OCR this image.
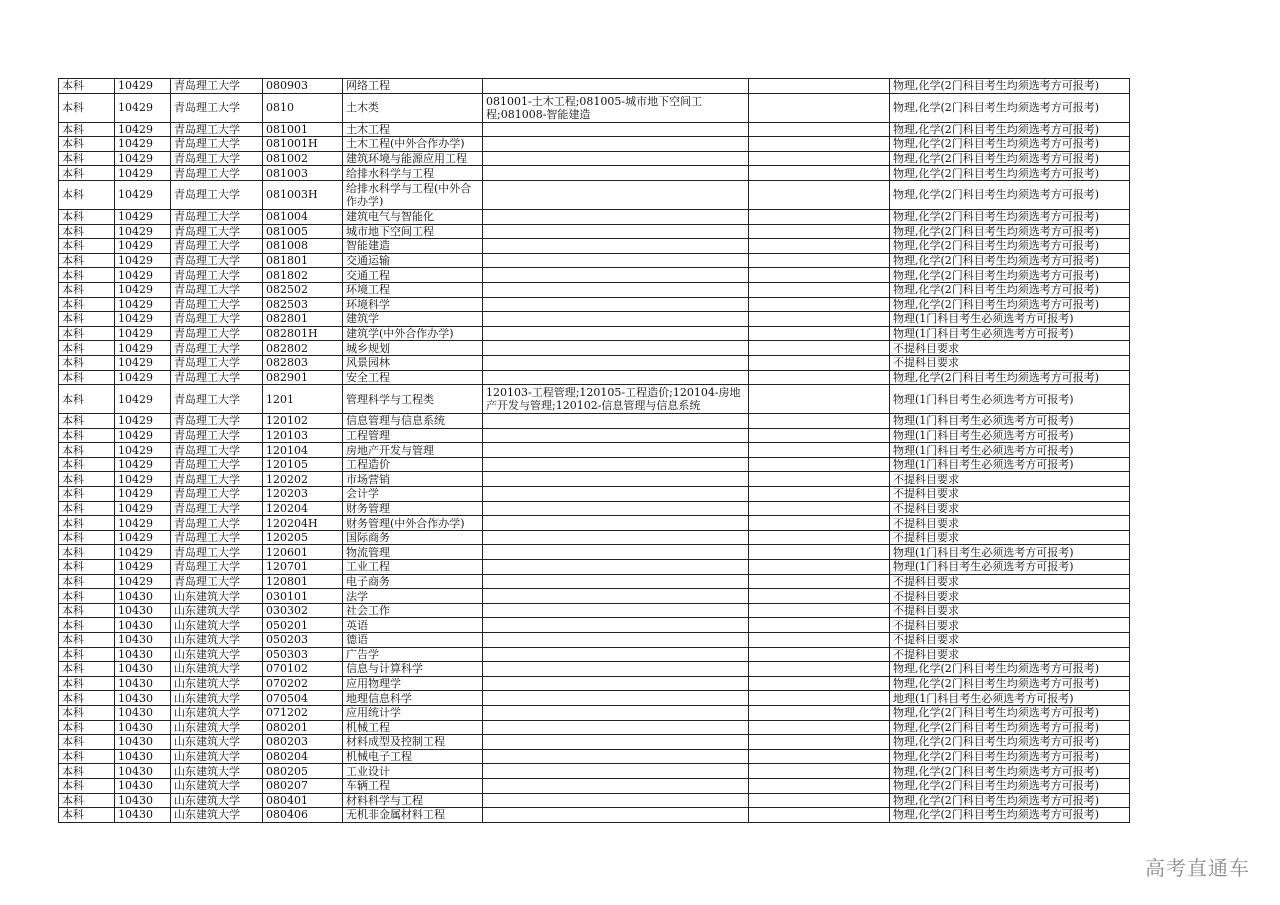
本科	10429	青岛理工大学	080903	网络工程			物理,化学(2门科目考生均须选考方可报考)
本科	10429	青岛理工大学	0810	土木类	081001-土木工程;081005-城市地下空间工程;081008-智能建造		物理,化学(2门科目考生均须选考方可报考)
本科	10429	青岛理工大学	081001	土木工程			物理,化学(2门科目考生均须选考方可报考)
本科	10429	青岛理工大学	081001H	土木工程(中外合作办学)			物理,化学(2门科目考生均须选考方可报考)
本科	10429	青岛理工大学	081002	建筑环境与能源应用工程			物理,化学(2门科目考生均须选考方可报考)
本科	10429	青岛理工大学	081003	给排水科学与工程			物理,化学(2门科目考生均须选考方可报考)
本科	10429	青岛理工大学	081003H	给排水科学与工程(中外合作办学)			物理,化学(2门科目考生均须选考方可报考)
本科	10429	青岛理工大学	081004	建筑电气与智能化			物理,化学(2门科目考生均须选考方可报考)
本科	10429	青岛理工大学	081005	城市地下空间工程			物理,化学(2门科目考生均须选考方可报考)
本科	10429	青岛理工大学	081008	智能建造			物理,化学(2门科目考生均须选考方可报考)
本科	10429	青岛理工大学	081801	交通运输			物理,化学(2门科目考生均须选考方可报考)
本科	10429	青岛理工大学	081802	交通工程			物理,化学(2门科目考生均须选考方可报考)
本科	10429	青岛理工大学	082502	环境工程			物理,化学(2门科目考生均须选考方可报考)
本科	10429	青岛理工大学	082503	环境科学			物理,化学(2门科目考生均须选考方可报考)
本科	10429	青岛理工大学	082801	建筑学			物理(1门科目考生必须选考方可报考)
本科	10429	青岛理工大学	082801H	建筑学(中外合作办学)			物理(1门科目考生必须选考方可报考)
本科	10429	青岛理工大学	082802	城乡规划			不提科目要求
本科	10429	青岛理工大学	082803	风景园林			不提科目要求
本科	10429	青岛理工大学	082901	安全工程			物理,化学(2门科目考生均须选考方可报考)
本科	10429	青岛理工大学	1201	管理科学与工程类	120103-工程管理;120105-工程造价;120104-房地产开发与管理;120102-信息管理与信息系统		物理(1门科目考生必须选考方可报考)
本科	10429	青岛理工大学	120102	信息管理与信息系统			物理(1门科目考生必须选考方可报考)
本科	10429	青岛理工大学	120103	工程管理			物理(1门科目考生必须选考方可报考)
本科	10429	青岛理工大学	120104	房地产开发与管理			物理(1门科目考生必须选考方可报考)
本科	10429	青岛理工大学	120105	工程造价			物理(1门科目考生必须选考方可报考)
本科	10429	青岛理工大学	120202	市场营销			不提科目要求
本科	10429	青岛理工大学	120203	会计学			不提科目要求
本科	10429	青岛理工大学	120204	财务管理			不提科目要求
本科	10429	青岛理工大学	120204H	财务管理(中外合作办学)			不提科目要求
本科	10429	青岛理工大学	120205	国际商务			不提科目要求
本科	10429	青岛理工大学	120601	物流管理			物理(1门科目考生必须选考方可报考)
本科	10429	青岛理工大学	120701	工业工程			物理(1门科目考生必须选考方可报考)
本科	10429	青岛理工大学	120801	电子商务			不提科目要求
本科	10430	山东建筑大学	030101	法学			不提科目要求
本科	10430	山东建筑大学	030302	社会工作			不提科目要求
本科	10430	山东建筑大学	050201	英语			不提科目要求
本科	10430	山东建筑大学	050203	德语			不提科目要求
本科	10430	山东建筑大学	050303	广告学			不提科目要求
本科	10430	山东建筑大学	070102	信息与计算科学			物理,化学(2门科目考生均须选考方可报考)
本科	10430	山东建筑大学	070202	应用物理学			物理,化学(2门科目考生均须选考方可报考)
本科	10430	山东建筑大学	070504	地理信息科学			地理(1门科目考生必须选考方可报考)
本科	10430	山东建筑大学	071202	应用统计学			物理,化学(2门科目考生均须选考方可报考)
本科	10430	山东建筑大学	080201	机械工程			物理,化学(2门科目考生均须选考方可报考)
本科	10430	山东建筑大学	080203	材料成型及控制工程			物理,化学(2门科目考生均须选考方可报考)
本科	10430	山东建筑大学	080204	机械电子工程			物理,化学(2门科目考生均须选考方可报考)
本科	10430	山东建筑大学	080205	工业设计			物理,化学(2门科目考生均须选考方可报考)
本科	10430	山东建筑大学	080207	车辆工程			物理,化学(2门科目考生均须选考方可报考)
本科	10430	山东建筑大学	080401	材料科学与工程			物理,化学(2门科目考生均须选考方可报考)
本科	10430	山东建筑大学	080406	无机非金属材料工程			物理,化学(2门科目考生均须选考方可报考)
高考直通车
